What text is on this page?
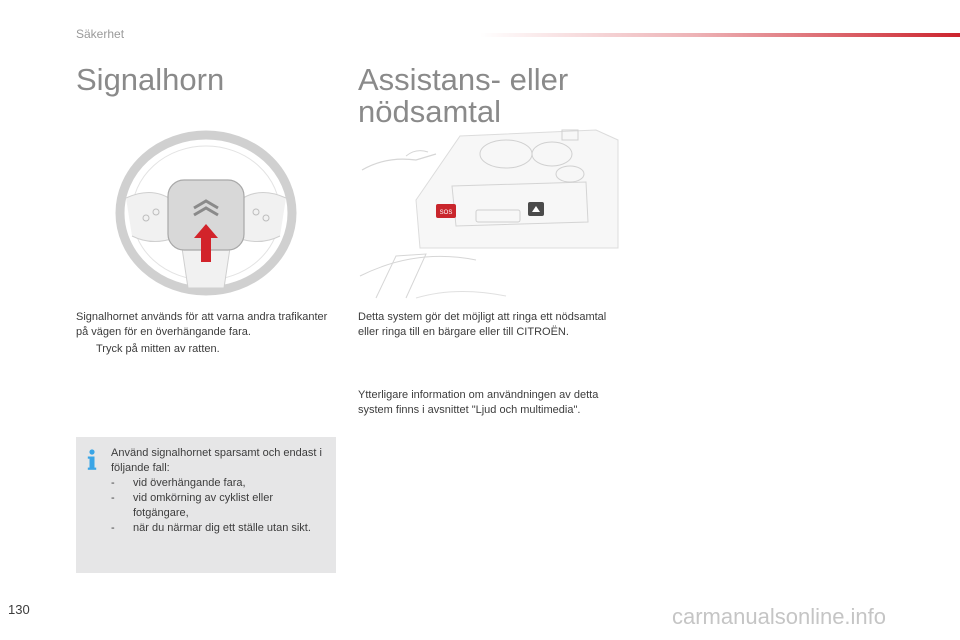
Säkerhet
Signalhorn	Assistans- eller nödsamtal
SOS

Signalhornet används för att varna andra trafikanter på vägen för en överhängande fara.

Tryck på mitten av ratten.

Detta system gör det möjligt att ringa ett nödsamtal eller ringa till en bärgare eller till CITROËN.

Ytterligare information om användningen av detta system finns i avsnittet "Ljud och multimedia".

Använd signalhornet sparsamt och endast i följande fall:
- vid överhängande fara,
- vid omkörning av cyklist eller fotgängare,
- när du närmar dig ett ställe utan sikt.
130	carmanualsonline.info
